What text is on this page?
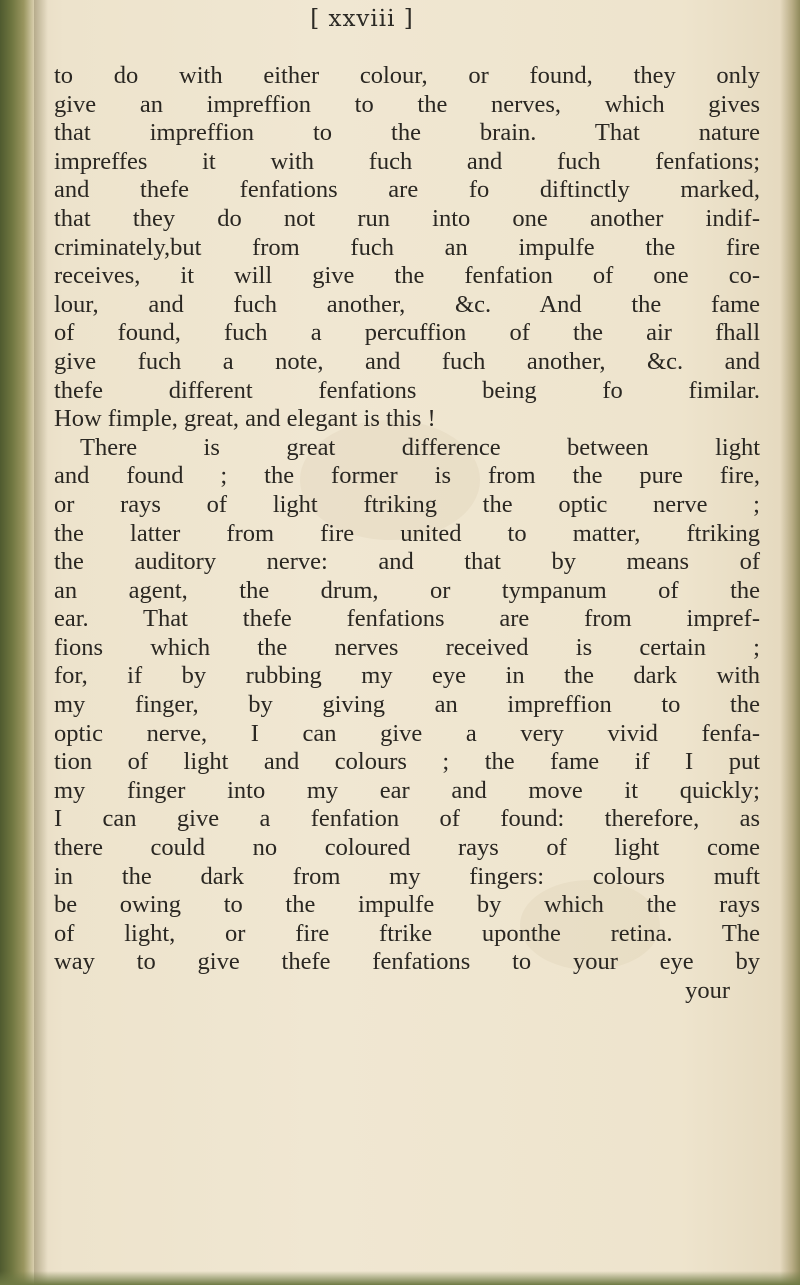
[ xxviii ]
to do with either colour, or found, they only
give an impreffion to the nerves, which gives
that impreffion to the brain. That nature
impreffes it with fuch and fuch fenfations;
and thefe fenfations are fo diftinctly marked,
that they do not run into one another indif-
criminately,but from fuch an impulfe the fire
receives, it will give the fenfation of one co-
lour, and fuch another, &c. And the fame
of found, fuch a percuffion of the air fhall
give fuch a note, and fuch another, &c. and
thefe different fenfations being fo fimilar.
How fimple, great, and elegant is this !
There is great difference between light
and found ; the former is from the pure fire,
or rays of light ftriking the optic nerve ;
the latter from fire united to matter, ftriking
the auditory nerve: and that by means of
an agent, the drum, or tympanum of the
ear. That thefe fenfations are from impref-
fions which the nerves received is certain ;
for, if by rubbing my eye in the dark with
my finger, by giving an impreffion to the
optic nerve, I can give a very vivid fenfa-
tion of light and colours ; the fame if I put
my finger into my ear and move it quickly;
I can give a fenfation of found: therefore, as
there could no coloured rays of light come
in the dark from my fingers: colours muft
be owing to the impulfe by which the rays
of light, or fire ftrike uponthe retina. The
way to give thefe fenfations to your eye by
your
